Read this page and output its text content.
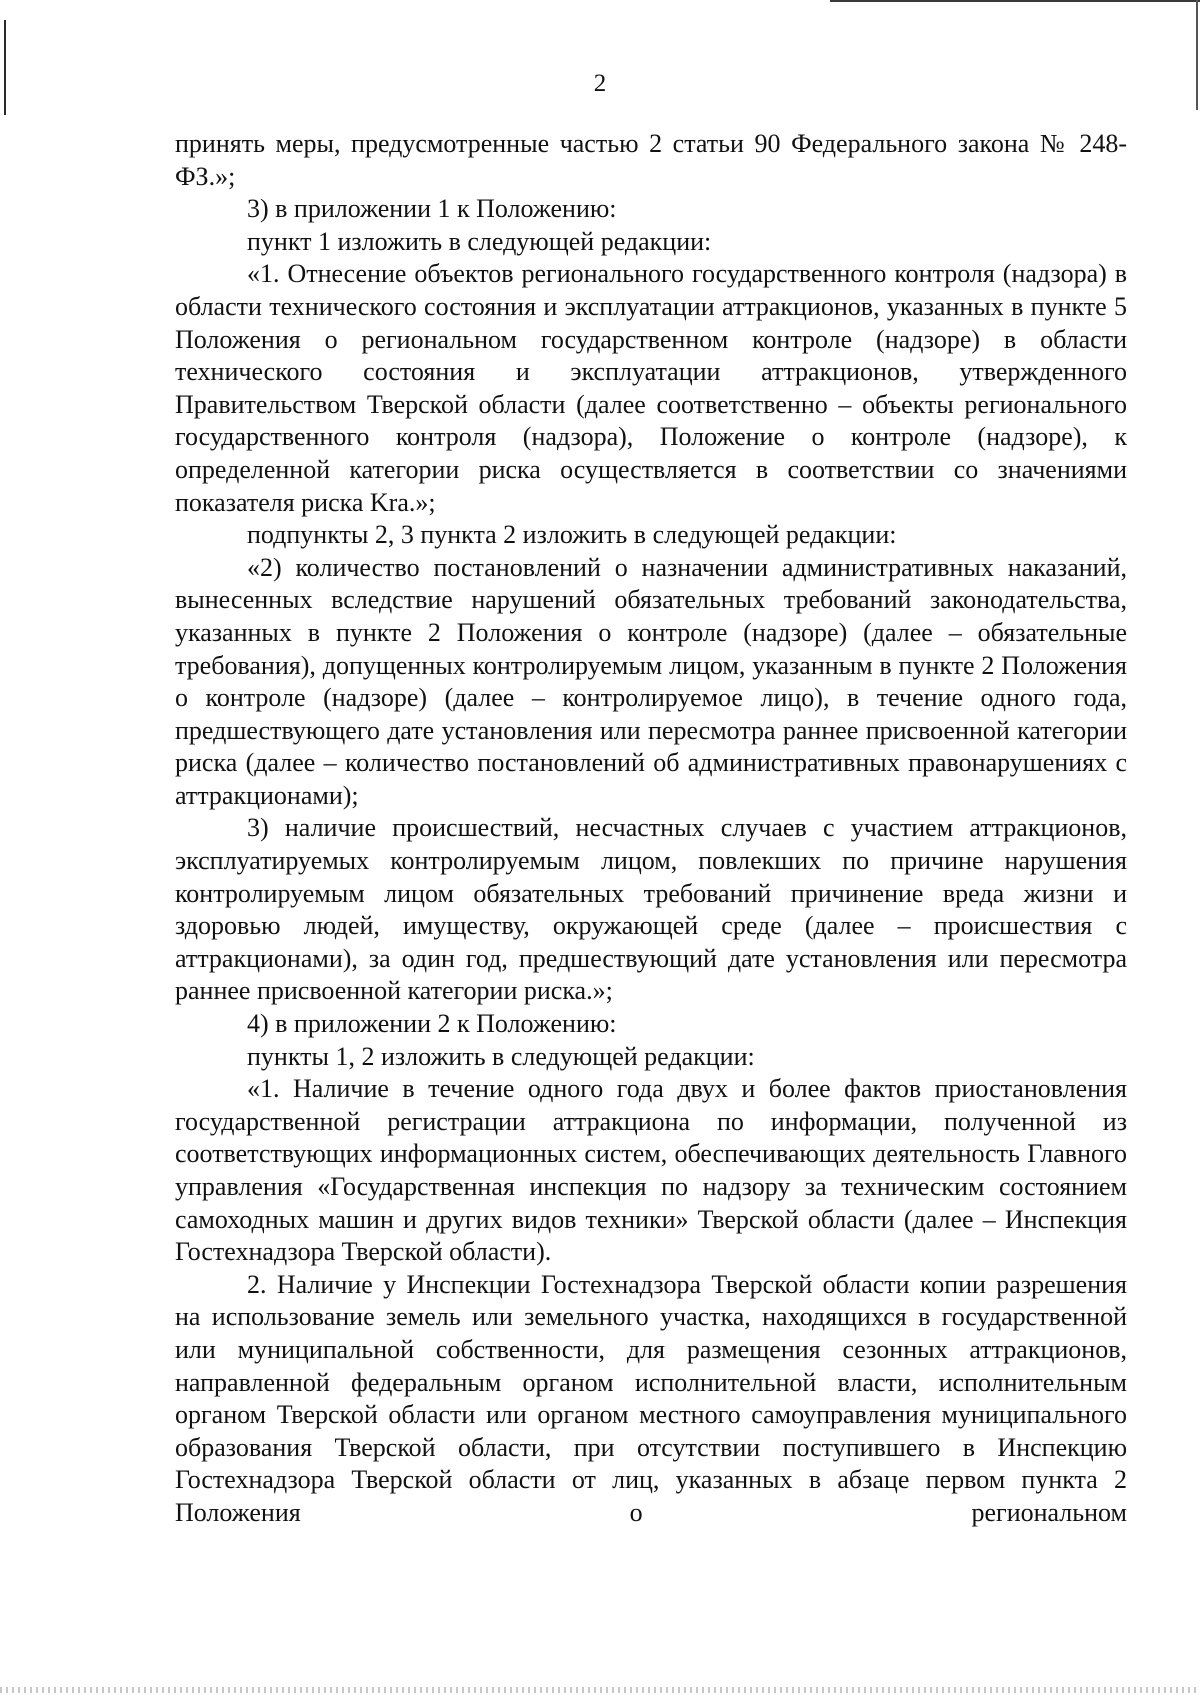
2

принять меры, предусмотренные частью 2 статьи 90 Федерального закона № 248-ФЗ.»;

3) в приложении 1 к Положению:

пункт 1 изложить в следующей редакции:

«1. Отнесение объектов регионального государственного контроля (надзора) в области технического состояния и эксплуатации аттракционов, указанных в пункте 5 Положения о региональном государственном контроле (надзоре) в области технического состояния и эксплуатации аттракционов, утвержденного Правительством Тверской области (далее соответственно – объекты регионального государственного контроля (надзора), Положение о контроле (надзоре), к определенной категории риска осуществляется в соответствии со значениями показателя риска Kra.»;

подпункты 2, 3 пункта 2 изложить в следующей редакции:

«2) количество постановлений о назначении административных наказаний, вынесенных вследствие нарушений обязательных требований законодательства, указанных в пункте 2 Положения о контроле (надзоре) (далее – обязательные требования), допущенных контролируемым лицом, указанным в пункте 2 Положения о контроле (надзоре) (далее – контролируемое лицо), в течение одного года, предшествующего дате установления или пересмотра раннее присвоенной категории риска (далее – количество постановлений об административных правонарушениях с аттракционами);

3) наличие происшествий, несчастных случаев с участием аттракционов, эксплуатируемых контролируемым лицом, повлекших по причине нарушения контролируемым лицом обязательных требований причинение вреда жизни и здоровью людей, имуществу, окружающей среде (далее – происшествия с аттракционами), за один год, предшествующий дате установления или пересмотра раннее присвоенной категории риска.»;

4) в приложении 2 к Положению:

пункты 1, 2 изложить в следующей редакции:

«1. Наличие в течение одного года двух и более фактов приостановления государственной регистрации аттракциона по информации, полученной из соответствующих информационных систем, обеспечивающих деятельность Главного управления «Государственная инспекция по надзору за техническим состоянием самоходных машин и других видов техники» Тверской области (далее – Инспекция Гостехнадзора Тверской области).

2. Наличие у Инспекции Гостехнадзора Тверской области копии разрешения на использование земель или земельного участка, находящихся в государственной или муниципальной собственности, для размещения сезонных аттракционов, направленной федеральным органом исполнительной власти, исполнительным органом Тверской области или органом местного самоуправления муниципального образования Тверской области, при отсутствии поступившего в Инспекцию Гостехнадзора Тверской области от лиц, указанных в абзаце первом пункта 2 Положения о региональном
